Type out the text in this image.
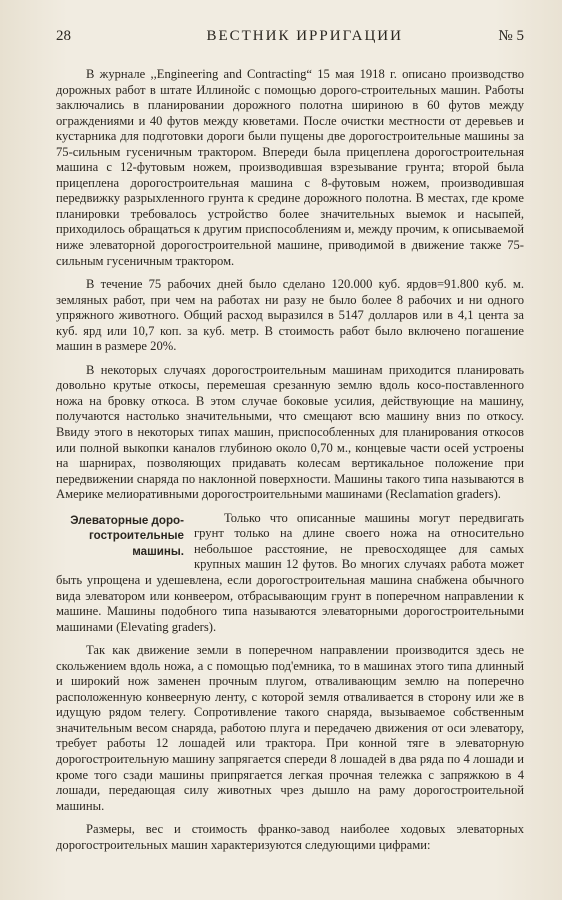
28	ВЕСТНИК ИРРИГАЦИИ	№ 5

В журнале ,,Engineering and Contracting“ 15 мая 1918 г. описано производство дорожных работ в штате Иллинойс с помощью дорого-строительных машин. Работы заключались в планировании дорожного полотна шириною в 60 футов между ограждениями и 40 футов между кюветами. После очистки местности от деревьев и кустарника для подготовки дороги были пущены две дорогостроительные машины за 75-сильным гусеничным трактором. Впереди была прицеплена дорогостроительная машина с 12-футовым ножем, производившая взрезывание грунта; второй была прицеплена дорогостроительная машина с 8-футовым ножем, производившая передвижку разрыхленного грунта к средине дорожного полотна. В местах, где кроме планировки требовалось устройство более значительных выемок и насыпей, приходилось обращаться к другим приспособлениям и, между прочим, к описываемой ниже элеваторной дорогостроительной машине, приводимой в движение также 75-сильным гусеничным трактором.

В течение 75 рабочих дней было сделано 120.000 куб. ярдов=91.800 куб. м. земляных работ, при чем на работах ни разу не было более 8 рабочих и ни одного упряжного животного. Общий расход выразился в 5147 долларов или в 4,1 цента за куб. ярд или 10,7 коп. за куб. метр. В стоимость работ было включено погашение машин в размере 20%.

В некоторых случаях дорогостроительным машинам приходится планировать довольно крутые откосы, перемешая срезанную землю вдоль косо-поставленного ножа на бровку откоса. В этом случае боковые усилия, действующие на машину, получаются настолько значительными, что смещают всю машину вниз по откосу. Ввиду этого в некоторых типах машин, приспособленных для планирования откосов или полной выкопки каналов глубиною около 0,70 м., концевые части осей устроены на шарнирах, позволяющих придавать колесам вертикальное положение при передвижении снаряда по наклонной поверхности. Машины такого типа называются в Америке мелиоративными дорогостроительными машинами (Reclamation graders).

Элеваторные доро-гостроительные машины.

Только что описанные машины могут передвигать грунт только на длине своего ножа на относительно небольшое расстояние, не превосходящее для самых крупных машин 12 футов. Во многих случаях работа может быть упрощена и удешевлена, если дорогостроительная машина снабжена обычного вида элеватором или конвеером, отбрасывающим грунт в поперечном направлении к машине. Машины подобного типа называются элеваторными дорогостроительными машинами (Elevating graders).

Так как движение земли в поперечном направлении производится здесь не скольжением вдоль ножа, а с помощью под'емника, то в машинах этого типа длинный и широкий нож заменен прочным плугом, отваливающим землю на поперечно расположенную конвеерную ленту, с которой земля отваливается в сторону или же в идущую рядом телегу. Сопротивление такого снаряда, вызываемое собственным значительным весом снаряда, работою плуга и передачею движения от оси элеватору, требует работы 12 лошадей или трактора. При конной тяге в элеваторную дорогостроительную машину запрягается спереди 8 лошадей в два ряда по 4 лошади и кроме того сзади машины припрягается легкая прочная тележка с запряжкою в 4 лошади, передающая силу животных чрез дышло на раму дорогостроительной машины.

Размеры, вес и стоимость франко-завод наиболее ходовых элеваторных дорогостроительных машин характеризуются следующими цифрами:
